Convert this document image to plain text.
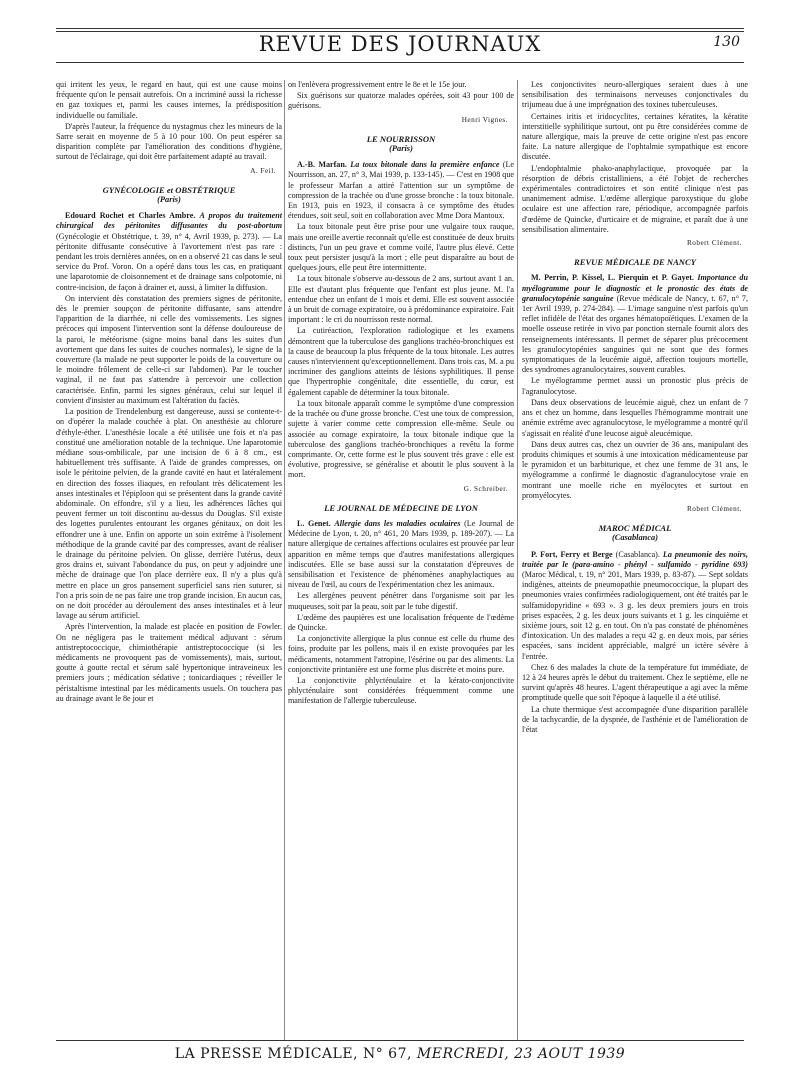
REVUE DES JOURNAUX	130

qui irritent les yeux, le regard en haut, qui est une cause moins fréquente qu'on le pensait autrefois. On a incriminé aussi la richesse en gaz toxiques et, parmi les causes internes, la prédisposition individuelle ou familiale.

D'après l'auteur, la fréquence du nystagmus chez les mineurs de la Sarre serait en moyenne de 5 à 10 pour 100. On peut espérer sa disparition complète par l'amélioration des conditions d'hygiène, surtout de l'éclairage, qui doit être parfaitement adapté au travail.

A. Feil.
GYNÉCOLOGIE et OBSTÉTRIQUE
(Paris)

Edouard Rochet et Charles Ambre. A propos du traitement chirurgical des péritonites diffusantes du post-abortum (Gynécologie et Obstétrique, t. 39, n° 4, Avril 1939, p. 273). — La péritonite diffusante consécutive à l'avortement n'est pas rare : pendant les trois dernières années, on en a observé 21 cas dans le seul service du Prof. Voron. On a opéré dans tous les cas, en pratiquant une laparotomie de cloisonnement et de drainage sans colpotomie, ni contre-incision, de façon à drainer et, aussi, à limiter la diffusion.

On intervient dès constatation des premiers signes de péritonite, dès le premier soupçon de péritonite diffusante, sans attendre l'apparition de la diarrhée, ni celle des vomissements. Les signes précoces qui imposent l'intervention sont la défense douloureuse de la paroi, le météorisme (signe moins banal dans les suites d'un avortement que dans les suites de couches normales), le signe de la couverture (la malade ne peut supporter le poids de la couverture ou le moindre frôlement de celle-ci sur l'abdomen). Par le toucher vaginal, il ne faut pas s'attendre à percevoir une collection caractérisée. Enfin, parmi les signes généraux, celui sur lequel il convient d'insister au maximum est l'altération du faciès.

La position de Trendelenburg est dangereuse, aussi se contente-t-on d'opérer la malade couchée à plat. On anesthésie au chlorure d'éthyle-éther. L'anesthésie locale a été utilisée une fois et n'a pas constitué une amélioration notable de la technique. Une laparotomie médiane sous-ombilicale, par une incision de 6 à 8 cm., est habituellement très suffisante. A l'aide de grandes compresses, on isole le péritoine pelvien, de la grande cavité en haut et latéralement en direction des fosses iliaques, en refoulant très délicatement les anses intestinales et l'épiploon qui se présentent dans la grande cavité abdominale. On effondre, s'il y a lieu, les adhérences lâches qui peuvent fermer un toit discontinu au-dessus du Douglas. S'il existe des logettes purulentes entourant les organes génitaux, on doit les effondrer une à une. Enfin on apporte un soin extrême à l'isolement méthodique de la grande cavité par des compresses, avant de réaliser le drainage du péritoine pelvien. On glisse, derrière l'utérus, deux gros drains et, suivant l'abondance du pus, on peut y adjoindre une mèche de drainage que l'on place derrière eux. Il n'y a plus qu'à mettre en place un gros pansement superficiel sans rien suturer, si l'on a pris soin de ne pas faire une trop grande incision. En aucun cas, on ne doit procéder au déroulement des anses intestinales et à leur lavage au sérum artificiel.

Après l'intervention, la malade est placée en position de Fowler. On ne négligera pas le traitement médical adjuvant : sérum antistreptococcique, chimiothérapie antistreptococcique (si les médicaments ne provoquent pas de vomissements), mais, surtout, goutte à goutte rectal et sérum salé hypertonique intraveineux les premiers jours ; médication sédative ; tonicardiaques ; réveiller le péristaltisme intestinal par les médicaments usuels. On touchera pas au drainage avant le 8e jour et

on l'enlèvera progressivement entre le 8e et le 15e jour.

Six guérisons sur quatorze malades opérées, soit 43 pour 100 de guérisons.

Henri Vignes.
LE NOURRISSON
(Paris)

A.-B. Marfan. La toux bitonale dans la première enfance (Le Nourrisson, an. 27, n° 3, Mai 1939, p. 133-145). — C'est en 1908 que le professeur Marfan a attiré l'attention sur un symptôme de compression de la trachée ou d'une grosse bronche : la toux bitonale. En 1913, puis en 1923, il consacra à ce symptôme des études étendues, soit seul, soit en collaboration avec Mme Dora Mantoux.

La toux bitonale peut être prise pour une vulgaire toux rauque, mais une oreille avertie reconnaît qu'elle est constituée de deux bruits distincts, l'un un peu grave et comme voilé, l'autre plus élevé. Cette toux peut persister jusqu'à la mort ; elle peut disparaître au bout de quelques jours, elle peut être intermittente.

La toux bitonale s'observe au-dessous de 2 ans, surtout avant 1 an. Elle est d'autant plus fréquente que l'enfant est plus jeune. M. l'a entendue chez un enfant de 1 mois et demi. Elle est souvent associée à un bruit de cornage expiratoire, ou à prédominance expiratoire. Fait important : le cri du nourrisson reste normal.

La cutiréaction, l'exploration radiologique et les examens démontrent que la tuberculose des ganglions trachéo-bronchiques est la cause de beaucoup la plus fréquente de la toux bitonale. Les autres causes n'interviennent qu'exceptionnellement. Dans trois cas, M. a pu incriminer des ganglions atteints de lésions syphilitiques. Il pense que l'hypertrophie congénitale, dite essentielle, du cœur, est également capable de déterminer la toux bitonale.

La toux bitonale apparaît comme le symptôme d'une compression de la trachée ou d'une grosse bronche. C'est une toux de compression, sujette à varier comme cette compression elle-même. Seule ou associée au cornage expiratoire, la toux bitonale indique que la tuberculose des ganglions trachéo-bronchiques a revêtu la forme comprimante. Or, cette forme est le plus souvent très grave : elle est évolutive, progressive, se généralise et aboutit le plus souvent à la mort.

G. Schreiber.
LE JOURNAL DE MÉDECINE DE LYON

L. Genet. Allergie dans les maladies oculaires (Le Journal de Médecine de Lyon, t. 20, n° 461, 20 Mars 1939, p. 189-207). — La nature allergique de certaines affections oculaires est prouvée par leur apparition en même temps que d'autres manifestations allergiques indiscutées. Elle se base aussi sur la constatation d'épreuves de sensibilisation et l'existence de phénomènes anaphylactiques au niveau de l'œil, au cours de l'expérimentation chez les animaux.

Les allergènes peuvent pénétrer dans l'organisme soit par les muqueuses, soit par la peau, soit par le tube digestif.

L'œdème des paupières est une localisation fréquente de l'œdème de Quincke.

La conjonctivite allergique la plus connue est celle du rhume des foins, produite par les pollens, mais il en existe provoquées par les médicaments, notamment l'atropine, l'ésérine ou par des aliments. La conjonctivite printanière est une forme plus discrète et moins pure.

La conjonctivite phlycténulaire et la kérato-conjonctivite phlycténulaire sont considérées fréquemment comme une manifestation de l'allergie tuberculeuse.

Les conjonctivites neuro-allergiques seraient dues à une sensibilisation des terminaisons nerveuses conjonctivales du trijumeau due à une imprégnation des toxines tuberculeuses.

Certaines iritis et iridocyclites, certaines kératites, la kératite interstitielle syphilitique surtout, ont pu être considérées comme de nature allergique, mais la preuve de cette origine n'est pas encore faite. La nature allergique de l'ophtalmie sympathique est encore discutée.

L'endophtalmie phako-anaphylactique, provoquée par la résorption de débris cristalliniens, a été l'objet de recherches expérimentales contradictoires et son entité clinique n'est pas unanimement admise. L'œdème allergique paroxystique du globe oculaire est une affection rare, périodique, accompagnée parfois d'œdème de Quincke, d'urticaire et de migraine, et paraît due à une sensibilisation alimentaire.

Robert Clément.
REVUE MÉDICALE DE NANCY

M. Perrin, P. Kissel, L. Pierquin et P. Gayet. Importance du myélogramme pour le diagnostic et le pronostic des états de granulocytopénie sanguine (Revue médicale de Nancy, t. 67, n° 7, 1er Avril 1939, p. 274-284). — L'image sanguine n'est parfois qu'un reflet infidèle de l'état des organes hématopoïétiques. L'examen de la moelle osseuse retirée in vivo par ponction sternale fournit alors des renseignements intéressants. Il permet de séparer plus précocement les granulocytopénies sanguines qui ne sont que des formes symptomatiques de la leucémie aiguë, affection toujours mortelle, des syndromes agranulocytaires, souvent curables.

Le myélogramme permet aussi un pronostic plus précis de l'agranulocytose.

Dans deux observations de leucémie aiguë, chez un enfant de 7 ans et chez un homme, dans lesquelles l'hémogramme montrait une anémie extrême avec agranulocytose, le myélogramme a montré qu'il s'agissait en réalité d'une leucose aiguë aleucémique.

Dans deux autres cas, chez un ouvrier de 36 ans, manipulant des produits chimiques et soumis à une intoxication médicamenteuse par le pyramidon et un barbiturique, et chez une femme de 31 ans, le myélogramme a confirmé le diagnostic d'agranulocytose vraie en montrant une moelle riche en myélocytes et surtout en promyélocytes.

Robert Clément.
MAROC MÉDICAL
(Casablanca)

P. Fort, Ferry et Berge (Casablanca). La pneumonie des noirs, traitée par le (para-amino - phényl - sulfamido - pyridine 693) (Maroc Médical, t. 19, n° 201, Mars 1939, p. 83-87). — Sept soldats indigènes, atteints de pneumopathie pneumococcique, la plupart des pneumonies vraies confirmées radiologiquement, ont été traités par le sulfamidopyridine « 693 ». 3 g. les deux premiers jours en trois prises espacées, 2 g. les deux jours suivants et 1 g. les cinquième et sixième jours, soit 12 g. en tout. On n'a pas constaté de phénomènes d'intoxication. Un des malades a reçu 42 g. en deux mois, par séries espacées, sans incident appréciable, malgré un ictère sévère à l'entrée.

Chez 6 des malades la chute de la température fut immédiate, de 12 à 24 heures après le début du traitement. Chez le septième, elle ne survint qu'après 48 heures. L'agent thérapeutique a agi avec la même promptitude quelle que soit l'époque à laquelle il a été utilisé.

La chute thermique s'est accompagnée d'une disparition parallèle de la tachycardie, de la dyspnée, de l'asthénie et de l'amélioration de l'état

LA PRESSE MÉDICALE, N° 67, MERCREDI, 23 AOUT 1939
